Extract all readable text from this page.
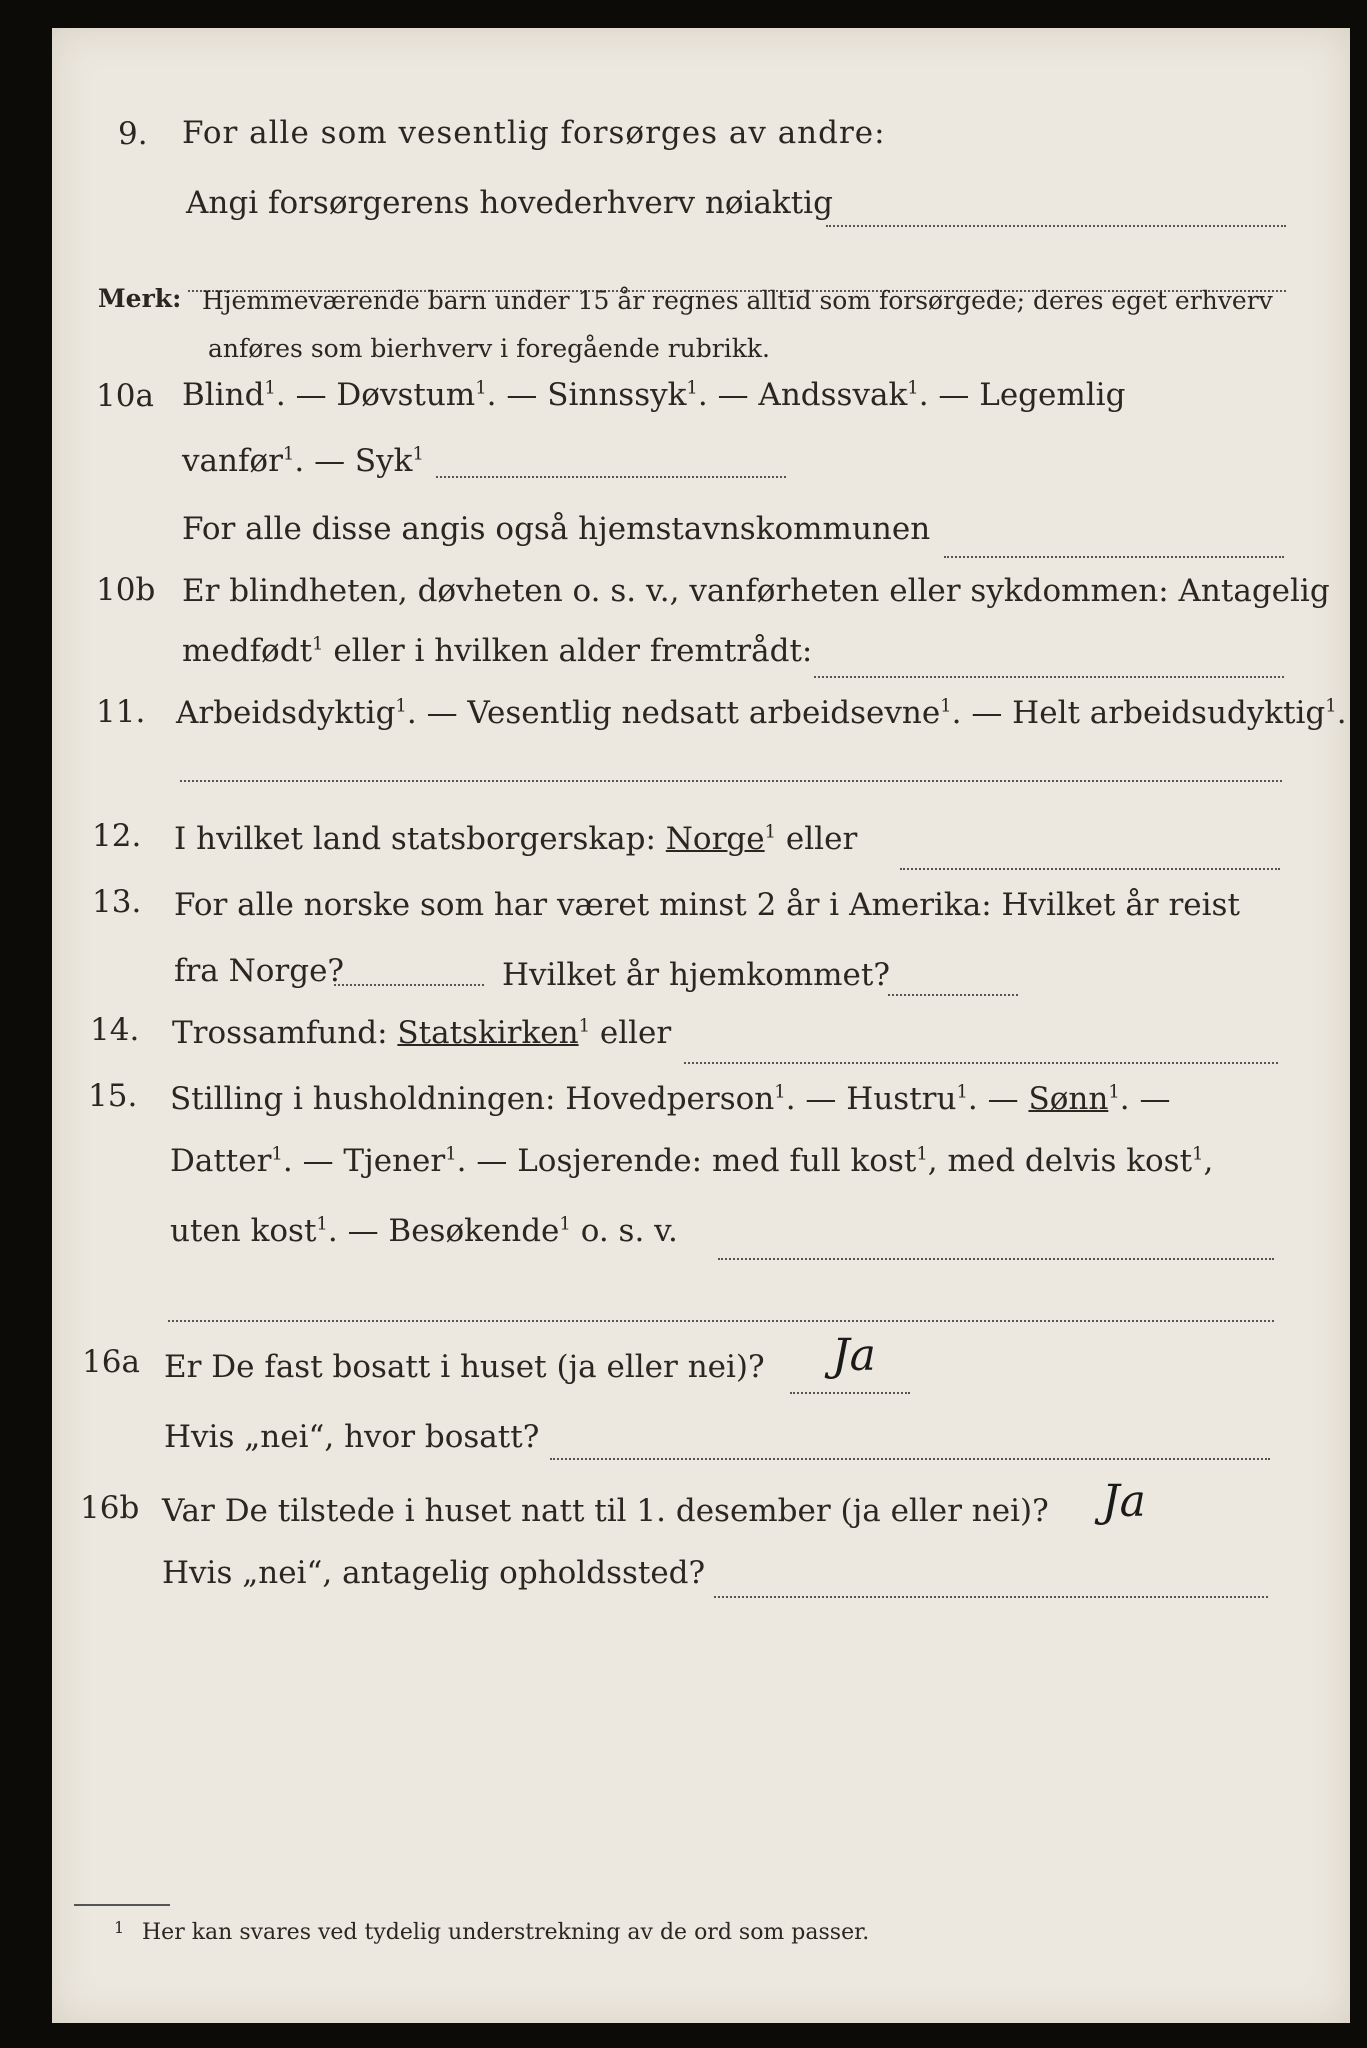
9. For alle som vesentlig forsørges av andre:
Angi forsørgerens hovederhverv nøiaktig
Merk: Hjemmeværende barn under 15 år regnes alltid som forsørgede; deres eget erhverv
anføres som bierhverv i foregående rubrikk.
10a Blind$^1$. — Døvstum$^1$. — Sinnssyk$^1$. — Andssvak$^1$. — Legemlig
vanfør$^1$. — Syk$^1$
For alle disse angis også hjemstavnskommunen
10b Er blindheten, døvheten o. s. v., vanførheten eller sykdommen: Antagelig
medfødt$^1$ eller i hvilken alder fremtrådt:
11. Arbeidsdyktig$^1$. — Vesentlig nedsatt arbeidsevne$^1$. — Helt arbeidsudyktig$^1$.
12. I hvilket land statsborgerskap: Norge$^1$ eller
13. For alle norske som har været minst 2 år i Amerika: Hvilket år reist
fra Norge?	Hvilket år hjemkommet?
14. Trossamfund: Statskirken$^1$ eller
15. Stilling i husholdningen: Hovedperson$^1$. — Hustru$^1$. — Sønn$^1$. —
Datter$^1$. — Tjener$^1$. — Losjerende: med full kost$^1$, med delvis kost$^1$,
uten kost$^1$. — Besøkende$^1$ o. s. v.
16a Er De fast bosatt i huset (ja eller nei)? Ja
Hvis „nei“, hvor bosatt?
16b Var De tilstede i huset natt til 1. desember (ja eller nei)? Ja
Hvis „nei“, antagelig opholdssted?
1 Her kan svares ved tydelig understrekning av de ord som passer.
